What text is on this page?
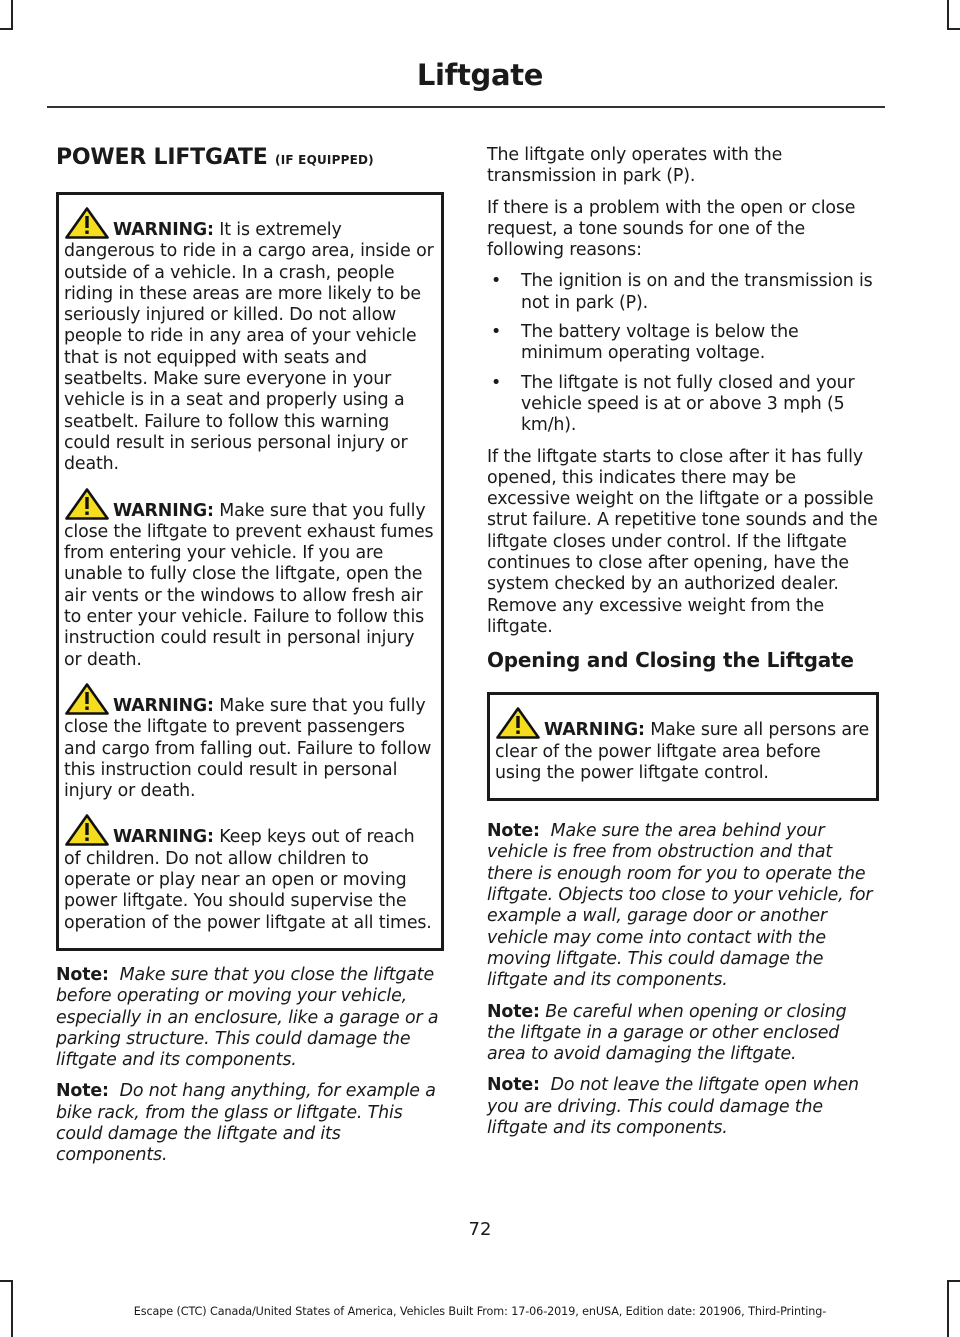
Liftgate
POWER LIFTGATE (IF EQUIPPED)

WARNING: It is extremely dangerous to ride in a cargo area, inside or outside of a vehicle. In a crash, people riding in these areas are more likely to be seriously injured or killed. Do not allow people to ride in any area of your vehicle that is not equipped with seats and seatbelts. Make sure everyone in your vehicle is in a seat and properly using a seatbelt. Failure to follow this warning could result in serious personal injury or death.

WARNING: Make sure that you fully close the liftgate to prevent exhaust fumes from entering your vehicle. If you are unable to fully close the liftgate, open the air vents or the windows to allow fresh air to enter your vehicle. Failure to follow this instruction could result in personal injury or death.

WARNING: Make sure that you fully close the liftgate to prevent passengers and cargo from falling out. Failure to follow this instruction could result in personal injury or death.

WARNING: Keep keys out of reach of children. Do not allow children to operate or play near an open or moving power liftgate. You should supervise the operation of the power liftgate at all times.

Note: Make sure that you close the liftgate before operating or moving your vehicle, especially in an enclosure, like a garage or a parking structure. This could damage the liftgate and its components.

Note: Do not hang anything, for example a bike rack, from the glass or liftgate. This could damage the liftgate and its components.

The liftgate only operates with the transmission in park (P).

If there is a problem with the open or close request, a tone sounds for one of the following reasons:

• The ignition is on and the transmission is not in park (P).
• The battery voltage is below the minimum operating voltage.
• The liftgate is not fully closed and your vehicle speed is at or above 3 mph (5 km/h).

If the liftgate starts to close after it has fully opened, this indicates there may be excessive weight on the liftgate or a possible strut failure. A repetitive tone sounds and the liftgate closes under control. If the liftgate continues to close after opening, have the system checked by an authorized dealer. Remove any excessive weight from the liftgate.

Opening and Closing the Liftgate

WARNING: Make sure all persons are clear of the power liftgate area before using the power liftgate control.

Note: Make sure the area behind your vehicle is free from obstruction and that there is enough room for you to operate the liftgate. Objects too close to your vehicle, for example a wall, garage door or another vehicle may come into contact with the moving liftgate. This could damage the liftgate and its components.

Note: Be careful when opening or closing the liftgate in a garage or other enclosed area to avoid damaging the liftgate.

Note: Do not leave the liftgate open when you are driving. This could damage the liftgate and its components.

72
Escape (CTC) Canada/United States of America, Vehicles Built From: 17-06-2019, enUSA, Edition date: 201906, Third-Printing-
